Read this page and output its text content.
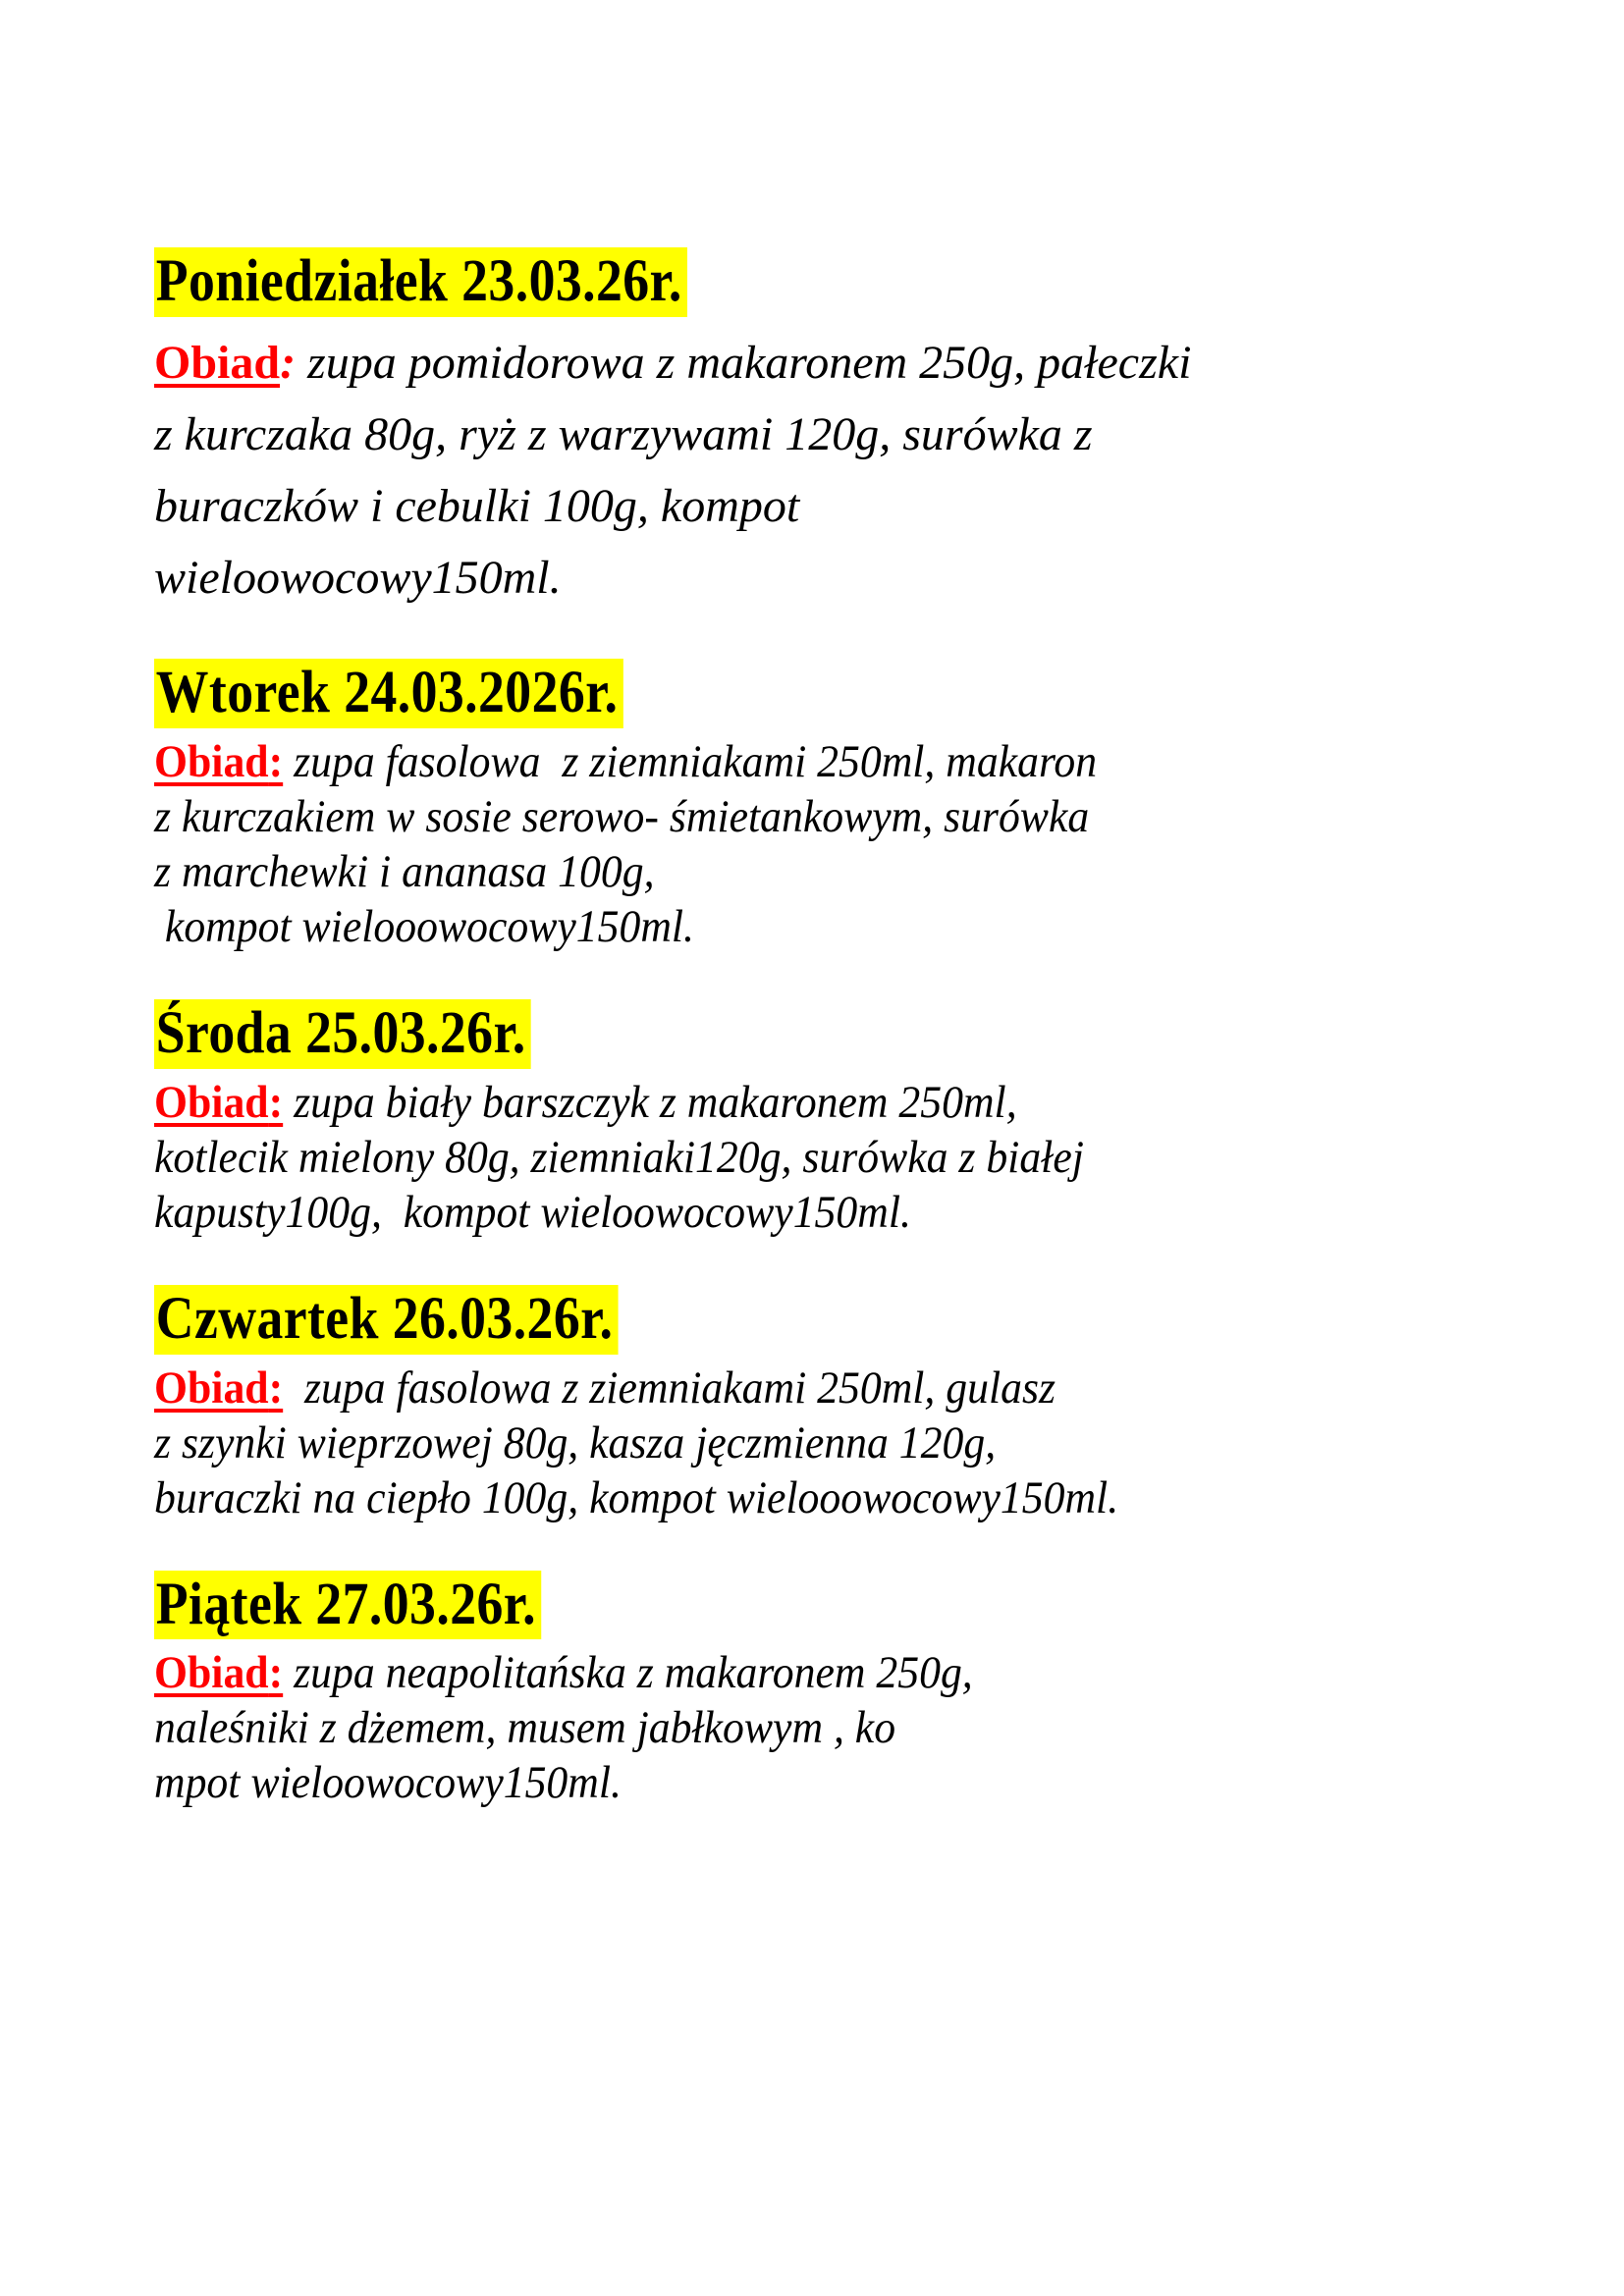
Poniedziałek 23.03.26r.
Obiad: zupa pomidorowa z makaronem 250g, pałeczki
z kurczaka 80g, ryż z warzywami 120g, surówka z
buraczków i cebulki 100g, kompot
wieloowocowy150ml.
Wtorek 24.03.2026r.
Obiad: zupa fasolowa  z ziemniakami 250ml, makaron
z kurczakiem w sosie serowo- śmietankowym, surówka
z marchewki i ananasa 100g,
kompot wielooowocowy150ml.
Środa 25.03.26r.
Obiad: zupa biały barszczyk z makaronem 250ml,
kotlecik mielony 80g, ziemniaki120g, surówka z białej
kapusty100g,  kompot wieloowocowy150ml.
Czwartek 26.03.26r.
Obiad:  zupa fasolowa z ziemniakami 250ml, gulasz
z szynki wieprzowej 80g, kasza jęczmienna 120g,
buraczki na ciepło 100g, kompot wielooowocowy150ml.
Piątek 27.03.26r.
Obiad: zupa neapolitańska z makaronem 250g,
naleśniki z dżemem, musem jabłkowym , ko
mpot wieloowocowy150ml.
